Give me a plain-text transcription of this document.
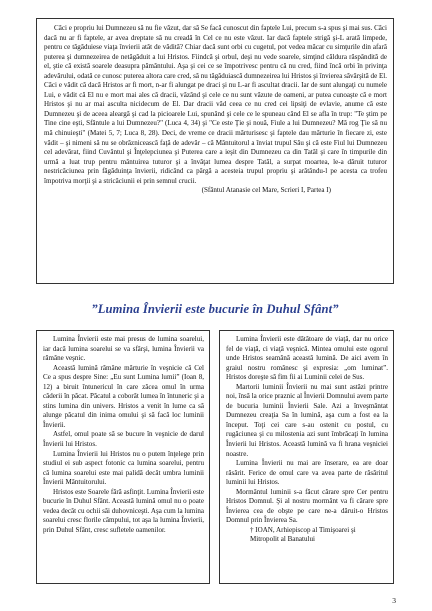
Căci e propriu lui Dumnezeu să nu fie văzut, dar să Se facă cunoscut din faptele Lui, precum s-a spus şi mai sus. Căci dacă nu ar fi faptele, ar avea dreptate să nu creadă în Cel ce nu este văzut. Iar dacă faptele strigă şi-L arată limpede, pentru ce tăgăduiese viaţa învierii atât de vădită? Chiar dacă sunt orbi cu cugetul, pot vedea măcar cu simţurile din afară puterea şi dumnezeirea de netăgăduit a lui Hristos. Fiindcă şi orbul, deşi nu vede soarele, simţind căldura răspândită de el, ştie că există soarele deasupra pământului. Aşa şi cei ce se împotrivesc pentru că nu cred, fiind încă orbi în privinţa adevărului, odată ce cunosc puterea altora care cred, să nu tăgăduiască dumnezeirea lui Hristos şi învierea săvârşită de El. Căci e vădit că dacă Hristos ar fi mort, n-ar fi alungat pe draci şi nu L-ar fi ascultat dracii. Iar de sunt alungaţi cu numele Lui, e vădit că El nu e mort mai ales că dracii, văzând şi cele ce nu sunt văzute de oameni, ar putea cunoaşte că e mort Hristos şi nu ar mai asculta nicidecum de El. Dar dracii văd ceea ce nu cred cei lipsiţi de evlavie, anume că este Dumnezeu şi de aceea aleargă şi cad la picioarele Lui, spunând şi cele ce le spuneau când El se afla în trup: "Te ştim pe Tine cine eşti, Sfântule a lui Dumnezeu?" (Luca 4, 34) şi "Ce este Ţie şi nouă, Fiule a lui Dumnezeu? Mă rog Ţie să nu mă chinuieşti" (Matei 5, 7; Luca 8, 28). Deci, de vreme ce dracii mărturisesc şi faptele dau mărturie în fiecare zi, este vădit – şi nimeni să nu se obrăznicească faţă de adevăr – că Mântuitorul a înviat trupul Său şi că este Fiul lui Dumnezeu cel adevărat, fiind Cuvântul şi Înţelepciunea şi Puterea care a ieşit din Dumnezeu ca din Tatăl şi care în timpurile din urmă a luat trup pentru mântuirea tuturor şi a învăţat lumea despre Tatăl, a surpat moartea, le-a dăruit tuturor nestricăciunea prin făgăduinţa învierii, ridicând ca pârgă a acesteia trupul propriu şi arătându-l pe acesta ca trofeu împotriva morţii şi a stricăciunii ei prin semnul crucii.

(Sfântul Atanasie cel Mare, Scrieri I, Partea I)

”Lumina Învierii este bucurie în Duhul Sfânt”

Lumina Învierii este mai presus de lumina soarelui, iar dacă lumina soarelui se va sfârşi, lumina Învierii va rămâne veşnic.

Această lumină rămâne mărturie în veşnicie că Cel Ce a spus despre Sine: „Eu sunt Lumina lumii” (Ioan 8, 12) a biruit întunericul în care zăcea omul în urma căderii în păcat. Păcatul a coborât lumea în întuneric şi a stins lumina din univers. Hristos a venit în lume ca să alunge păcatul din inima omului şi să facă loc luminii Învierii.

Astfel, omul poate să se bucure în veşnicie de darul Învierii lui Hristos.

Lumina Învierii lui Hristos nu o putem înţelege prin studiul ei sub aspect fotonic ca lumina soarelui, pentru că lumina soarelui este mai palidă decât umbra luminii Învierii Mântuitorului.

Hristos este Soarele fără asfinţit. Lumina Învierii este bucurie în Duhul Sfânt. Această lumină omul nu o poate vedea decât cu ochii săi duhovniceşti. Aşa cum la lumina soarelui cresc florile câmpului, tot aşa la lumina Învierii, prin Duhul Sfânt, cresc sufletele oamenilor.

Lumina Învierii este dătătoare de viaţă, dar nu orice fel de viaţă, ci viaţă veşnică. Mintea omului este ogorul unde Hristos seamănă această lumină. De aici avem în graiul nostru românesc şi expresia: „om luminat”. Hristos doreşte să fim fii ai Luminii celei de Sus.

Martorii luminii Învierii nu mai sunt astăzi printre noi, însă la orice praznic al Învierii Domnului avem parte de bucuria luminii Învierii Sale. Azi a înveşmântat Dumnezeu creaţia Sa în lumină, aşa cum a fost ea la început. Toţi cei care s-au ostenit cu postul, cu rugăciunea şi cu milostenia azi sunt îmbrăcaţi în lumina Învierii lui Hristos. Această lumină va fi hrana veşniciei noastre.

Lumina Învierii nu mai are înserare, ea are doar răsărit. Ferice de omul care va avea parte de răsăritul luminii lui Hristos.

Mormântul luminii s-a făcut cărare spre Cer pentru Hristos Domnul. Şi al nostru mormânt va fi cărare spre Învierea cea de obşte pe care ne-a dăruit-o Hristos Domnul prin Învierea Sa.

† IOAN, Arhiepiscop al Timişoarei şi

Mitropolit al Banatului

3
